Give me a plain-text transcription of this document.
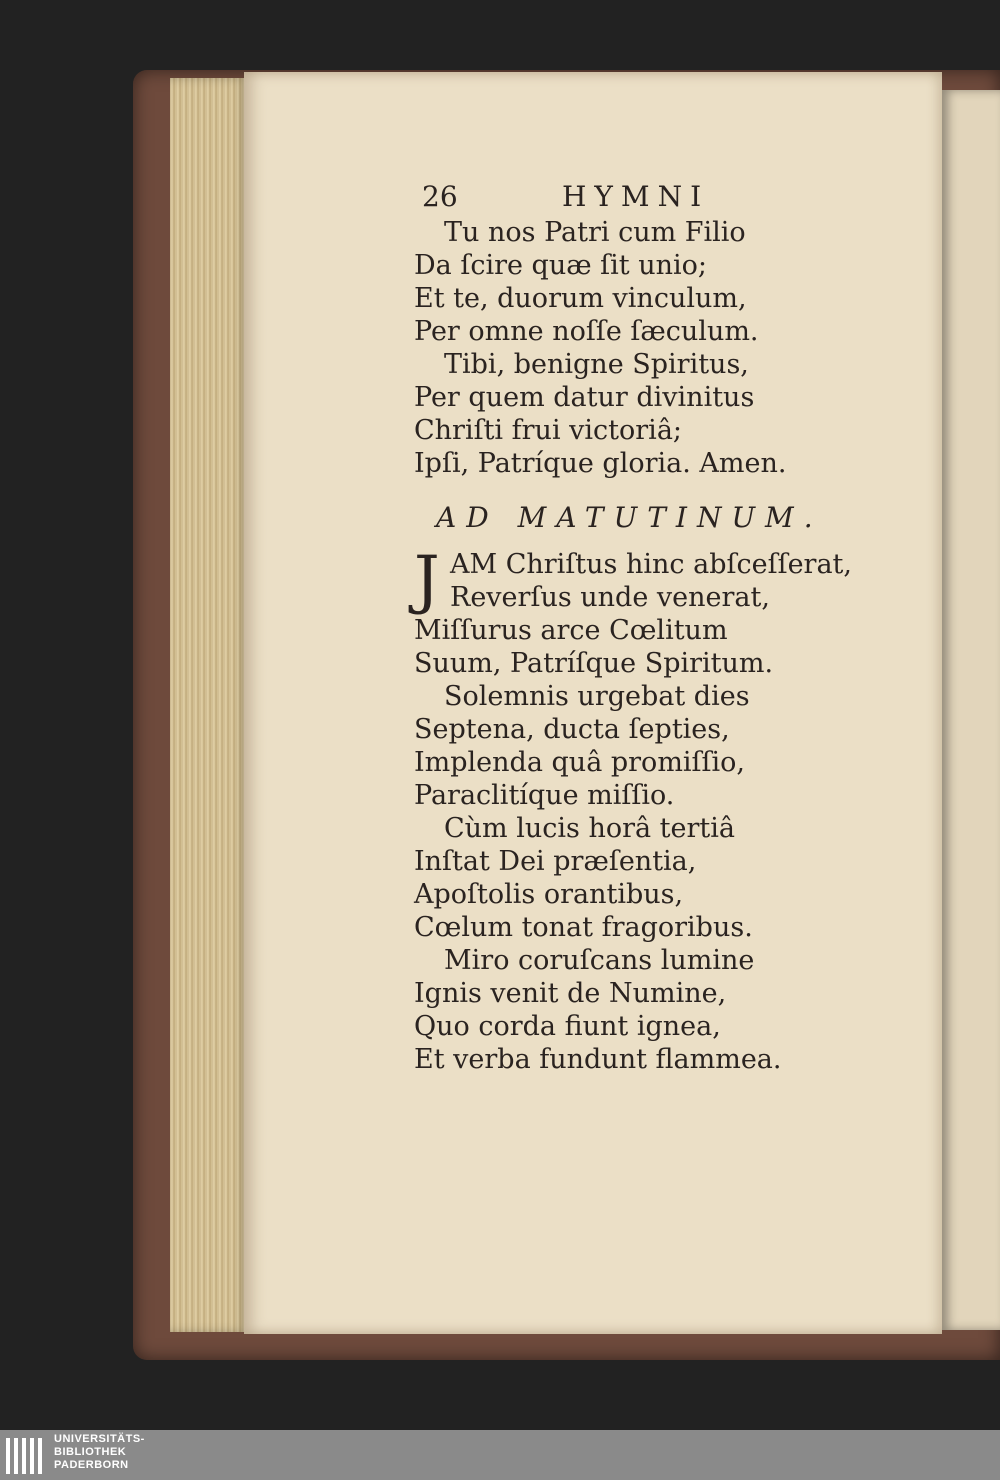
26	HYMNI
Tu nos Patri cum Filio
Da ſcire quæ ſit unio;
Et te, duorum vinculum,
Per omne noſſe ſæculum.
Tibi, benigne Spiritus,
Per quem datur divinitus
Chriſti frui victoriâ;
Ipſi, Patríque gloria. Amen.
AD MATUTINUM.
J AM Chriſtus hinc abſceſſerat,
Reverſus unde venerat,
Miſſurus arce Cœlitum
Suum, Patríſque Spiritum.
Solemnis urgebat dies
Septena, ducta ſepties,
Implenda quâ promiſſio,
Paraclitíque miſſio.
Cùm lucis horâ tertiâ
Inſtat Dei præſentia,
Apoſtolis orantibus,
Cœlum tonat fragoribus.
Miro coruſcans lumine
Ignis venit de Numine,
Quo corda fiunt ignea,
Et verba fundunt flammea.
UNIVERSITÄTS-
BIBLIOTHEK
PADERBORN
